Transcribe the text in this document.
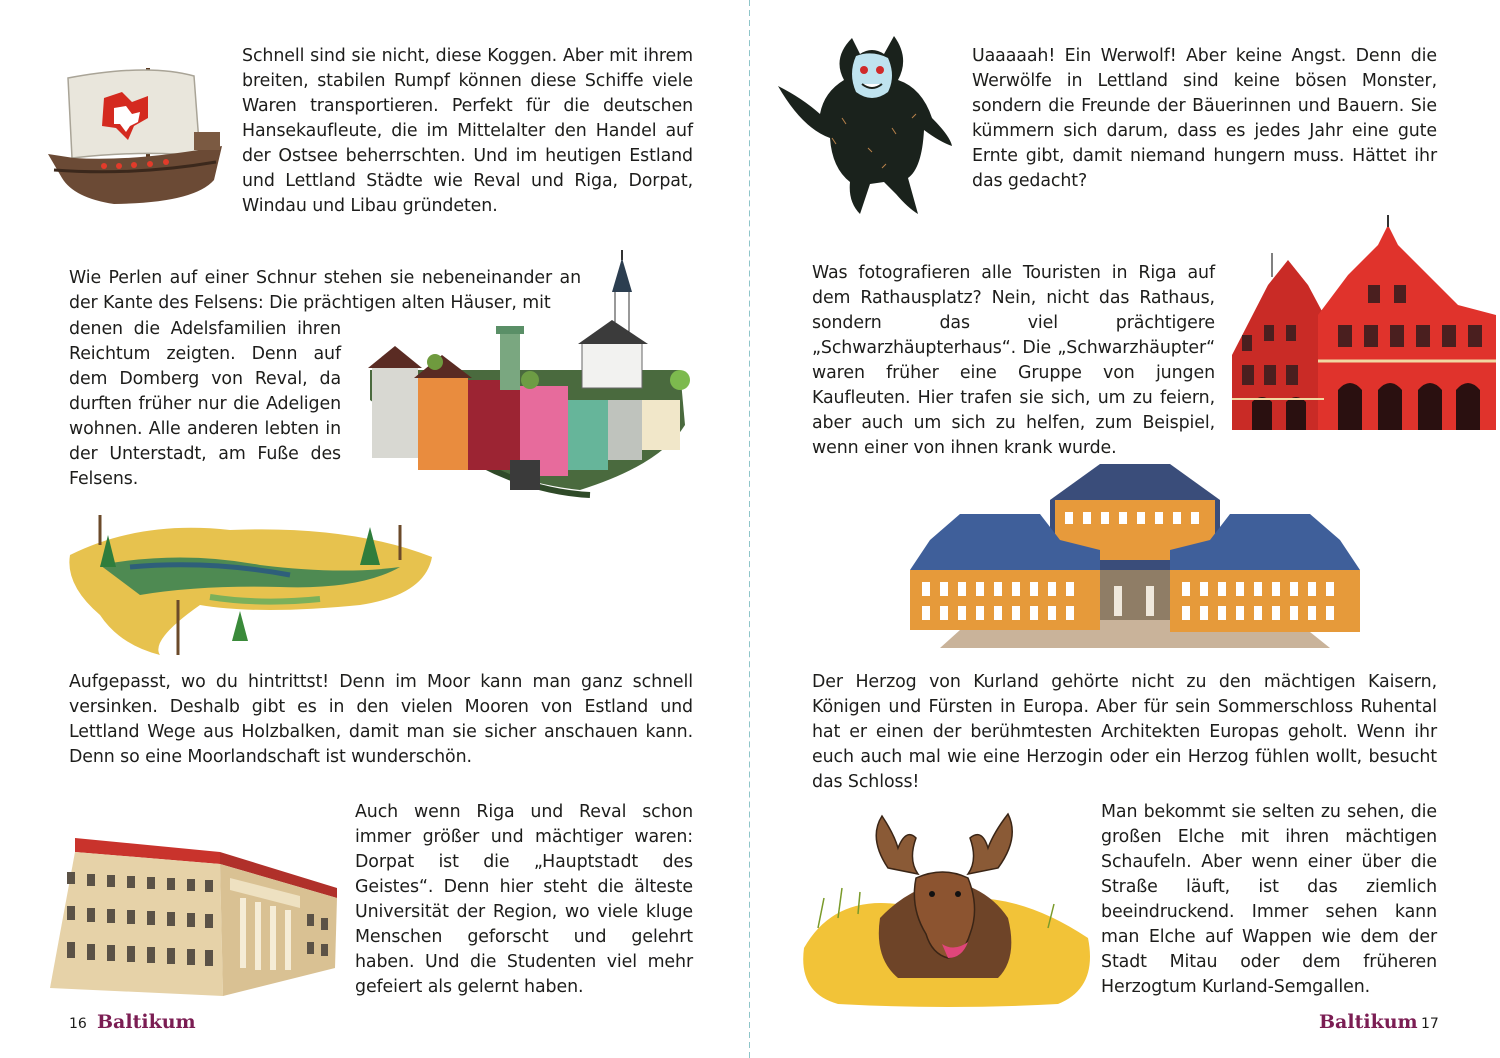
Schnell sind sie nicht, diese Koggen. Aber mit ihrem breiten, stabilen Rumpf können diese Schiffe viele Waren transportieren. Perfekt für die deutschen Hansekaufleute, die im Mittelalter den Handel auf der Ostsee beherrschten. Und im heutigen Estland und Lettland Städte wie Reval und Riga, Dorpat, Windau und Libau gründeten.

Wie Perlen auf einer Schnur stehen sie nebeneinander an der Kante des Felsens: Die prächtigen alten Häuser, mit

denen die Adelsfamilien ihren Reichtum zeigten. Denn auf dem Domberg von Reval, da durften früher nur die Adeligen wohnen. Alle anderen lebten in der Unterstadt, am Fuße des Felsens.

Aufgepasst, wo du hintrittst! Denn im Moor kann man ganz schnell versinken. Deshalb gibt es in den vielen Mooren von Estland und Lettland Wege aus Holzbalken, damit man sie sicher anschauen kann. Denn so eine Moorlandschaft ist wunderschön.

Auch wenn Riga und Reval schon immer größer und mächtiger waren: Dorpat ist die „Hauptstadt des Geistes“. Denn hier steht die älteste Universität der Region, wo viele kluge Menschen geforscht und gelehrt haben. Und die Studenten viel mehr gefeiert als gelernt haben.

16 Baltikum

Uaaaaah! Ein Werwolf! Aber keine Angst. Denn die Werwölfe in Lettland sind keine bösen Monster, sondern die Freunde der Bäuerinnen und Bauern. Sie kümmern sich darum, dass es jedes Jahr eine gute Ernte gibt, damit niemand hungern muss. Hättet ihr das gedacht?

Was fotografieren alle Touristen in Riga auf dem Rathausplatz? Nein, nicht das Rathaus, sondern das viel prächtigere „Schwarzhäupterhaus“. Die „Schwarzhäupter“ waren früher eine Gruppe von jungen Kaufleuten. Hier trafen sie sich, um zu feiern, aber auch um sich zu helfen, zum Beispiel, wenn einer von ihnen krank wurde.

Der Herzog von Kurland gehörte nicht zu den mächtigen Kaisern, Königen und Fürsten in Europa. Aber für sein Sommerschloss Ruhental hat er einen der berühmtesten Architekten Europas geholt. Wenn ihr euch auch mal wie eine Herzogin oder ein Herzog fühlen wollt, besucht das Schloss!

Man bekommt sie selten zu sehen, die großen Elche mit ihren mächtigen Schaufeln. Aber wenn einer über die Straße läuft, ist das ziemlich beeindruckend. Immer sehen kann man Elche auf Wappen wie dem der Stadt Mitau oder dem früheren Herzogtum Kurland-Semgallen.

Baltikum 17
